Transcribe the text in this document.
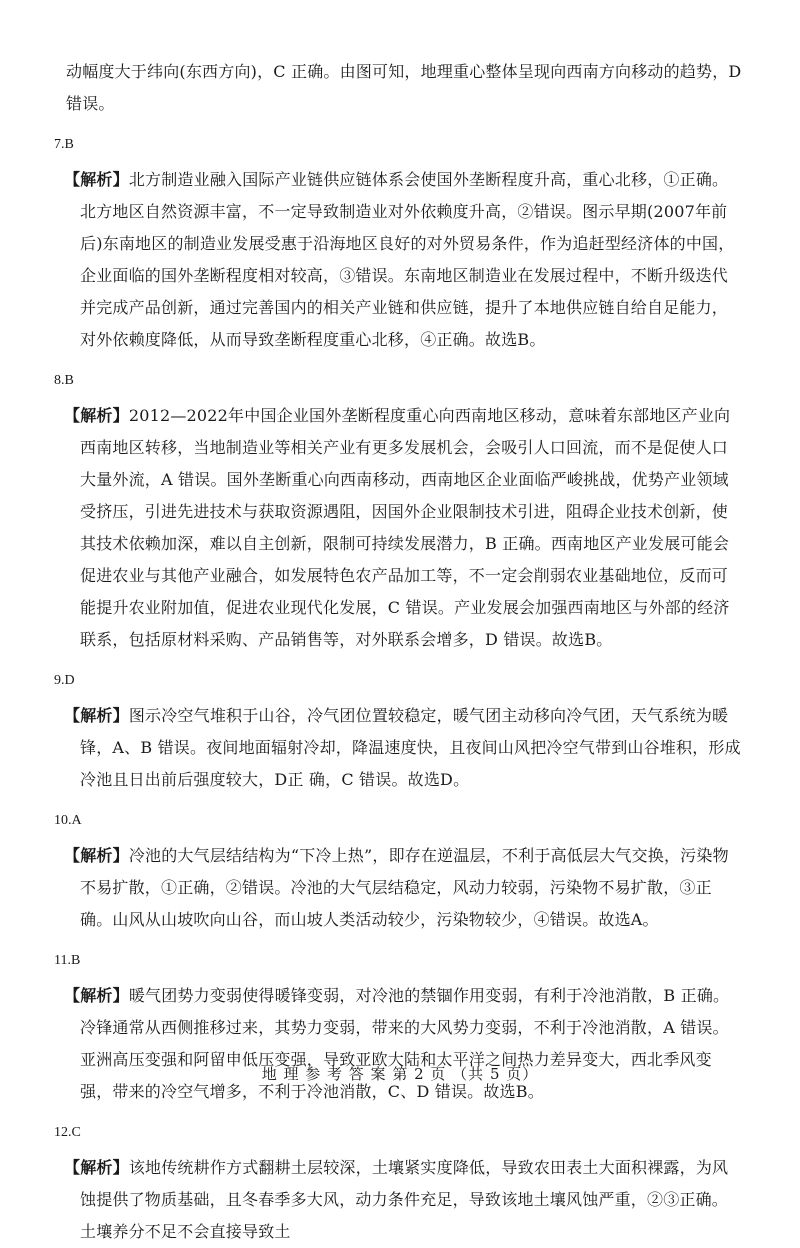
动幅度大于纬向(东西方向)，C 正确。由图可知，地理重心整体呈现向西南方向移动的趋势，D 错误。

7.B

【解析】北方制造业融入国际产业链供应链体系会使国外垄断程度升高，重心北移，①正确。北方地区自然资源丰富，不一定导致制造业对外依赖度升高，②错误。图示早期(2007年前后)东南地区的制造业发展受惠于沿海地区良好的对外贸易条件，作为追赶型经济体的中国，企业面临的国外垄断程度相对较高，③错误。东南地区制造业在发展过程中，不断升级迭代并完成产品创新，通过完善国内的相关产业链和供应链，提升了本地供应链自给自足能力，对外依赖度降低，从而导致垄断程度重心北移，④正确。故选B。

8.B

【解析】2012—2022年中国企业国外垄断程度重心向西南地区移动，意味着东部地区产业向西南地区转移，当地制造业等相关产业有更多发展机会，会吸引人口回流，而不是促使人口大量外流，A 错误。国外垄断重心向西南移动，西南地区企业面临严峻挑战，优势产业领域受挤压，引进先进技术与获取资源遇阻，因国外企业限制技术引进，阻碍企业技术创新，使其技术依赖加深，难以自主创新，限制可持续发展潜力，B 正确。西南地区产业发展可能会促进农业与其他产业融合，如发展特色农产品加工等，不一定会削弱农业基础地位，反而可能提升农业附加值，促进农业现代化发展，C 错误。产业发展会加强西南地区与外部的经济联系，包括原材料采购、产品销售等，对外联系会增多，D 错误。故选B。

9.D

【解析】图示冷空气堆积于山谷，冷气团位置较稳定，暖气团主动移向冷气团，天气系统为暖锋，A、B 错误。夜间地面辐射冷却，降温速度快，且夜间山风把冷空气带到山谷堆积，形成冷池且日出前后强度较大，D正 确，C 错误。故选D。

10.A

【解析】冷池的大气层结结构为“下冷上热”，即存在逆温层，不利于高低层大气交换，污染物不易扩散，①正确，②错误。冷池的大气层结稳定，风动力较弱，污染物不易扩散，③正确。山风从山坡吹向山谷，而山坡人类活动较少，污染物较少，④错误。故选A。

11.B

【解析】暖气团势力变弱使得暖锋变弱，对冷池的禁锢作用变弱，有利于冷池消散，B 正确。冷锋通常从西侧推移过来，其势力变弱，带来的大风势力变弱，不利于冷池消散，A 错误。亚洲高压变强和阿留申低压变强，导致亚欧大陆和太平洋之间热力差异变大，西北季风变强，带来的冷空气增多，不利于冷池消散，C、D 错误。故选B。

12.C

【解析】该地传统耕作方式翻耕土层较深，土壤紧实度降低，导致农田表土大面积裸露，为风蚀提供了物质基础，且冬春季多大风，动力条件充足，导致该地土壤风蚀严重，②③正确。土壤养分不足不会直接导致土

地 理 参 考 答 案 第 2 页 （共 5 页）
